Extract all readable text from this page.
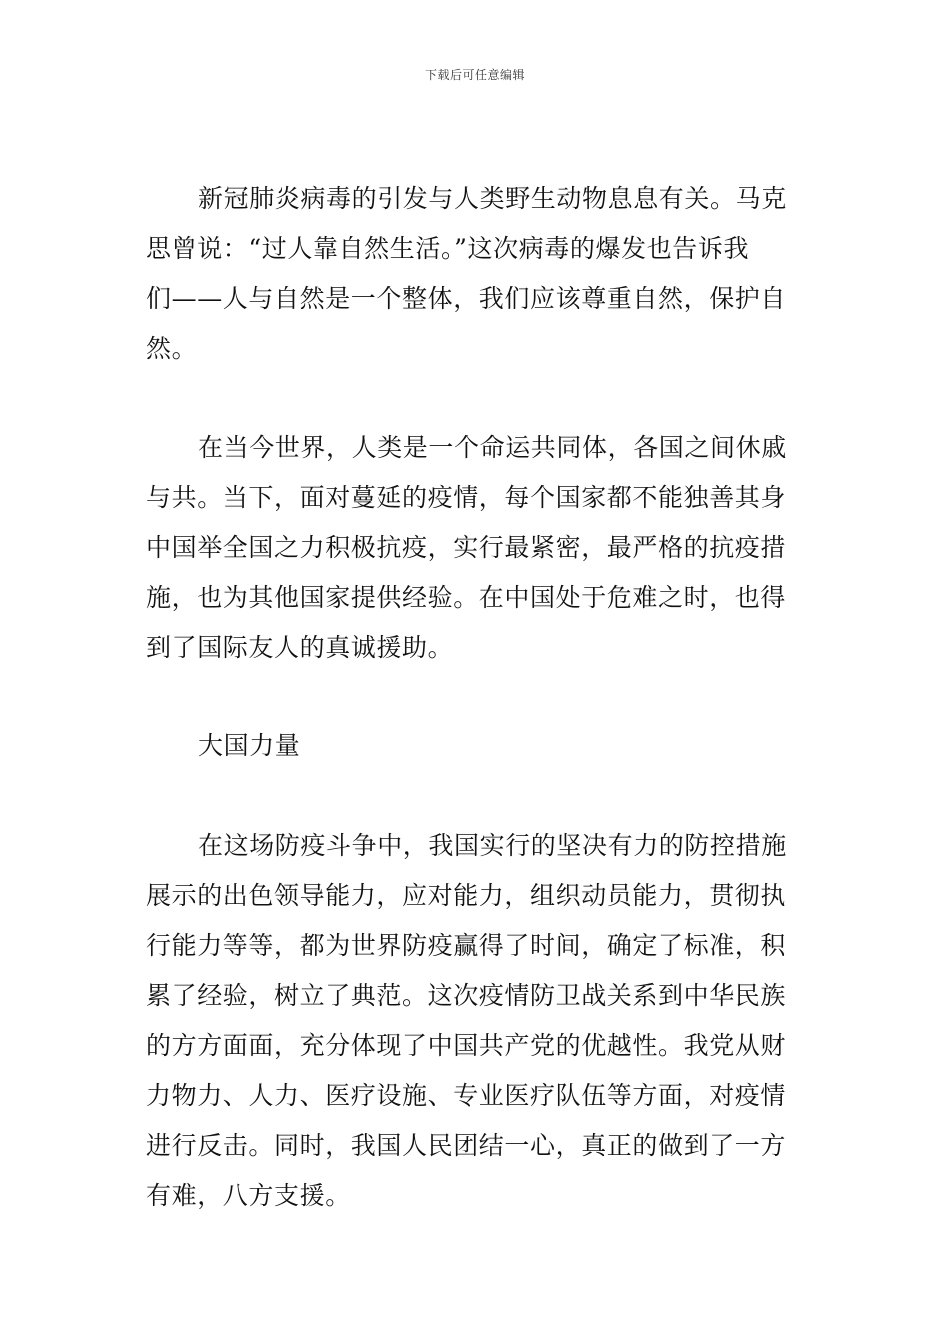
下载后可任意编辑
新冠肺炎病毒的引发与人类野生动物息息有关。马克
思曾说：“过人靠自然生活。”这次病毒的爆发也告诉我
们——人与自然是一个整体，我们应该尊重自然，保护自
然。
在当今世界，人类是一个命运共同体，各国之间休戚
与共。当下，面对蔓延的疫情，每个国家都不能独善其身
中国举全国之力积极抗疫，实行最紧密，最严格的抗疫措
施，也为其他国家提供经验。在中国处于危难之时，也得
到了国际友人的真诚援助。
大国力量
在这场防疫斗争中，我国实行的坚决有力的防控措施
展示的出色领导能力，应对能力，组织动员能力，贯彻执
行能力等等，都为世界防疫赢得了时间，确定了标准，积
累了经验，树立了典范。这次疫情防卫战关系到中华民族
的方方面面，充分体现了中国共产党的优越性。我党从财
力物力、人力、医疗设施、专业医疗队伍等方面，对疫情
进行反击。同时，我国人民团结一心，真正的做到了一方
有难，八方支援。
